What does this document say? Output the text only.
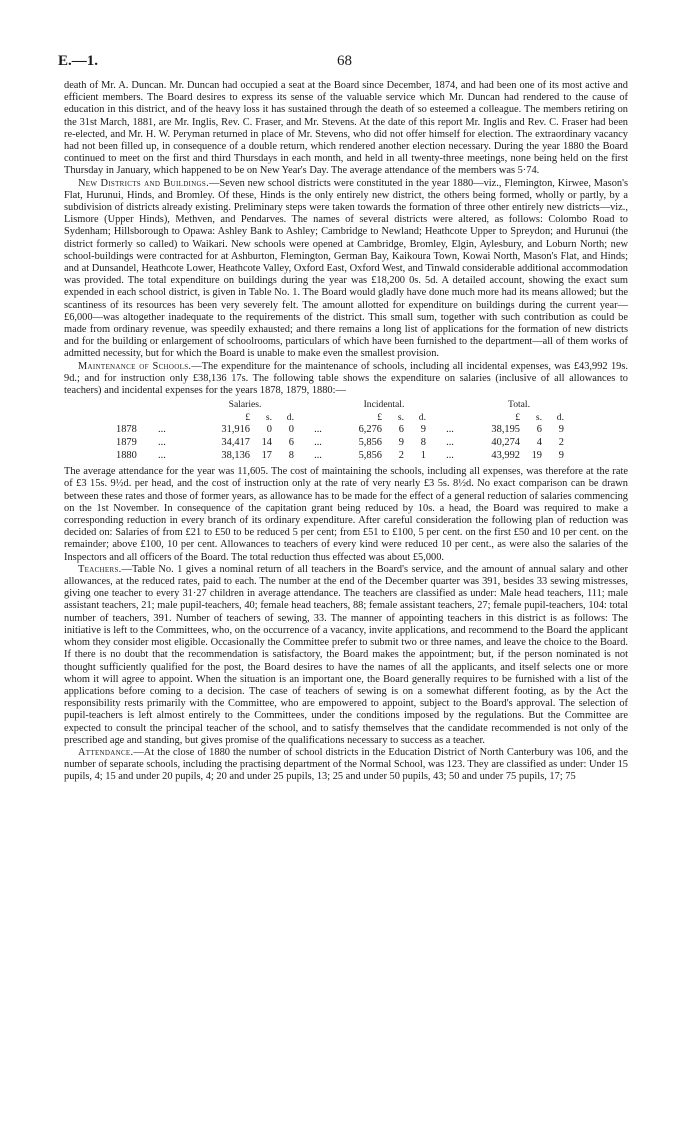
E.—1.	68

death of Mr. A. Duncan. Mr. Duncan had occupied a seat at the Board since December, 1874, and had been one of its most active and efficient members. The Board desires to express its sense of the valuable service which Mr. Duncan had rendered to the cause of education in this district, and of the heavy loss it has sustained through the death of so esteemed a colleague. The members retiring on the 31st March, 1881, are Mr. Inglis, Rev. C. Fraser, and Mr. Stevens. At the date of this report Mr. Inglis and Rev. C. Fraser had been re-elected, and Mr. H. W. Peryman returned in place of Mr. Stevens, who did not offer himself for election. The extraordinary vacancy had not been filled up, in consequence of a double return, which rendered another election necessary. During the year 1880 the Board continued to meet on the first and third Thursdays in each month, and held in all twenty-three meetings, none being held on the first Thursday in January, which happened to be on New Year's Day. The average attendance of the members was 5·74.

New Districts and Buildings.—Seven new school districts were constituted in the year 1880—viz., Flemington, Kirwee, Mason's Flat, Hurunui, Hinds, and Bromley. Of these, Hinds is the only entirely new district, the others being formed, wholly or partly, by a subdivision of districts already existing. Preliminary steps were taken towards the formation of three other entirely new districts—viz., Lismore (Upper Hinds), Methven, and Pendarves. The names of several districts were altered, as follows: Colombo Road to Sydenham; Hillsborough to Opawa: Ashley Bank to Ashley; Cambridge to Newland; Heathcote Upper to Spreydon; and Hurunui (the district formerly so called) to Waikari. New schools were opened at Cambridge, Bromley, Elgin, Aylesbury, and Loburn North; new school-buildings were contracted for at Ashburton, Flemington, German Bay, Kaikoura Town, Kowai North, Mason's Flat, and Hinds; and at Dunsandel, Heathcote Lower, Heathcote Valley, Oxford East, Oxford West, and Tinwald considerable additional accommodation was provided. The total expenditure on buildings during the year was £18,200 0s. 5d. A detailed account, showing the exact sum expended in each school district, is given in Table No. 1. The Board would gladly have done much more had its means allowed; but the scantiness of its resources has been very severely felt. The amount allotted for expenditure on buildings during the current year—£6,000—was altogether inadequate to the requirements of the district. This small sum, together with such contribution as could be made from ordinary revenue, was speedily exhausted; and there remains a long list of applications for the formation of new districts and for the building or enlargement of schoolrooms, particulars of which have been furnished to the department—all of them works of admitted necessity, but for which the Board is unable to make even the smallest provision.

Maintenance of Schools.—The expenditure for the maintenance of schools, including all incidental expenses, was £43,992 19s. 9d.; and for instruction only £38,136 17s. The following table shows the expenditure on salaries (inclusive of all allowances to teachers) and incidental expenses for the years 1878, 1879, 1880:—

		Salaries.				Incidental.				Total.		
		£	s.	d.		£	s.	d.		£	s.	d.
1878	...	31,916	0	0	...	6,276	6	9	...	38,195	6	9
1879	...	34,417	14	6	...	5,856	9	8	...	40,274	4	2
1880	...	38,136	17	8	...	5,856	2	1	...	43,992	19	9

The average attendance for the year was 11,605. The cost of maintaining the schools, including all expenses, was therefore at the rate of £3 15s. 9½d. per head, and the cost of instruction only at the rate of very nearly £3 5s. 8½d. No exact comparison can be drawn between these rates and those of former years, as allowance has to be made for the effect of a general reduction of salaries commencing on the 1st November. In consequence of the capitation grant being reduced by 10s. a head, the Board was required to make a corresponding reduction in every branch of its ordinary expenditure. After careful consideration the following plan of reduction was decided on: Salaries of from £21 to £50 to be reduced 5 per cent; from £51 to £100, 5 per cent. on the first £50 and 10 per cent. on the remainder; above £100, 10 per cent. Allowances to teachers of every kind were reduced 10 per cent., as were also the salaries of the Inspectors and all officers of the Board. The total reduction thus effected was about £5,000.

Teachers.—Table No. 1 gives a nominal return of all teachers in the Board's service, and the amount of annual salary and other allowances, at the reduced rates, paid to each. The number at the end of the December quarter was 391, besides 33 sewing mistresses, giving one teacher to every 31·27 children in average attendance. The teachers are classified as under: Male head teachers, 111; male assistant teachers, 21; male pupil-teachers, 40; female head teachers, 88; female assistant teachers, 27; female pupil-teachers, 104: total number of teachers, 391. Number of teachers of sewing, 33. The manner of appointing teachers in this district is as follows: The initiative is left to the Committees, who, on the occurrence of a vacancy, invite applications, and recommend to the Board the applicant whom they consider most eligible. Occasionally the Committee prefer to submit two or three names, and leave the choice to the Board. If there is no doubt that the recommendation is satisfactory, the Board makes the appointment; but, if the person nominated is not thought sufficiently qualified for the post, the Board desires to have the names of all the applicants, and itself selects one or more whom it will agree to appoint. When the situation is an important one, the Board generally requires to be furnished with a list of the applications before coming to a decision. The case of teachers of sewing is on a somewhat different footing, as by the Act the responsibility rests primarily with the Committee, who are empowered to appoint, subject to the Board's approval. The selection of pupil-teachers is left almost entirely to the Committees, under the conditions imposed by the regulations. But the Committee are expected to consult the principal teacher of the school, and to satisfy themselves that the candidate recommended is not only of the prescribed age and standing, but gives promise of the qualifications necessary to success as a teacher.

Attendance.—At the close of 1880 the number of school districts in the Education District of North Canterbury was 106, and the number of separate schools, including the practising department of the Normal School, was 123. They are classified as under: Under 15 pupils, 4; 15 and under 20 pupils, 4; 20 and under 25 pupils, 13; 25 and under 50 pupils, 43; 50 and under 75 pupils, 17; 75
